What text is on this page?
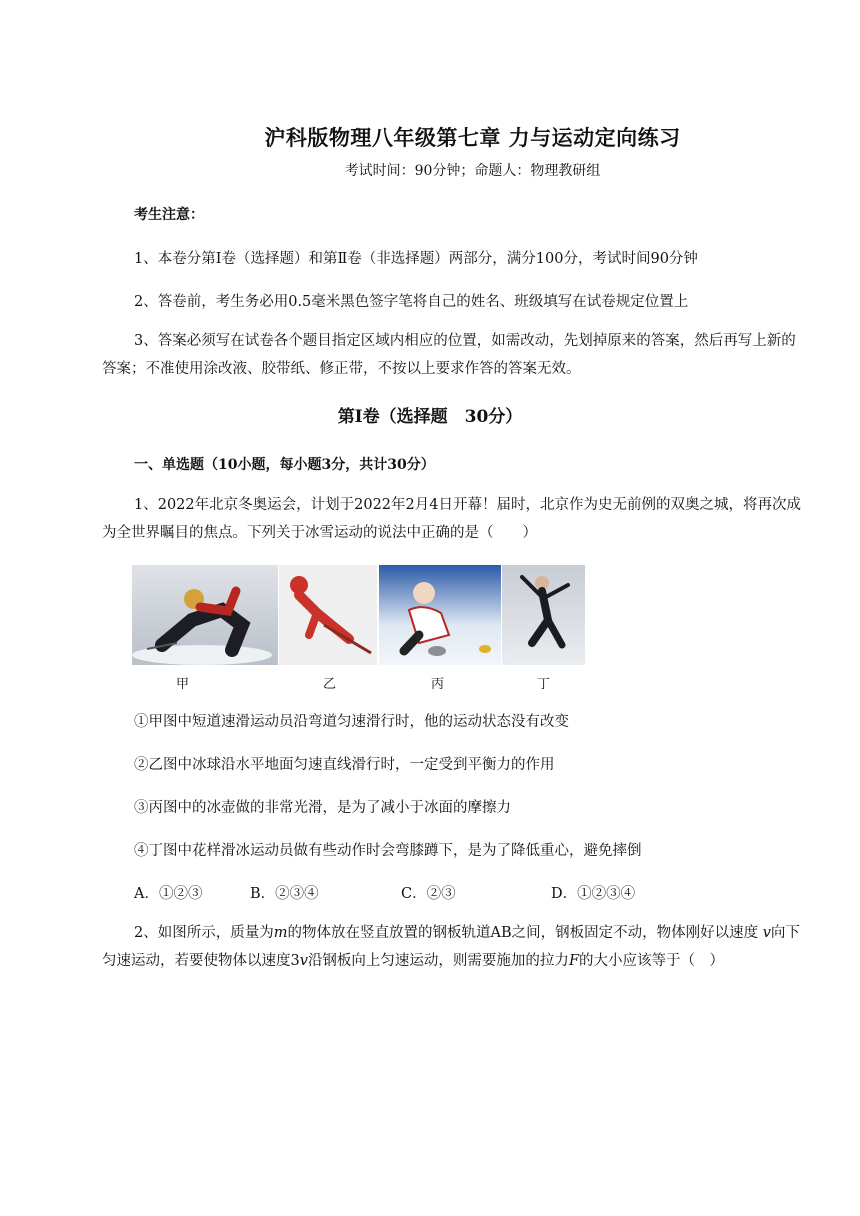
沪科版物理八年级第七章 力与运动定向练习
考试时间：90分钟；命题人：物理教研组
考生注意：
1、本卷分第Ⅰ卷（选择题）和第Ⅱ卷（非选择题）两部分，满分100分，考试时间90分钟
2、答卷前，考生务必用0.5毫米黑色签字笔将自己的姓名、班级填写在试卷规定位置上
3、答案必须写在试卷各个题目指定区域内相应的位置，如需改动，先划掉原来的答案，然后再写上新的答案；不准使用涂改液、胶带纸、修正带，不按以上要求作答的答案无效。
第Ⅰ卷（选择题　30分）
一、单选题（10小题，每小题3分，共计30分）
1、2022年北京冬奥运会，计划于2022年2月4日开幕！届时，北京作为史无前例的双奥之城，将再次成为全世界瞩目的焦点。下列关于冰雪运动的说法中正确的是（　　）
甲	乙	丙	丁
①甲图中短道速滑运动员沿弯道匀速滑行时，他的运动状态没有改变
②乙图中冰球沿水平地面匀速直线滑行时，一定受到平衡力的作用
③丙图中的冰壶做的非常光滑，是为了减小于冰面的摩擦力
④丁图中花样滑冰运动员做有些动作时会弯膝蹲下，是为了降低重心，避免摔倒
A．①②③	B．②③④	C．②③	D．①②③④
2、如图所示，质量为m的物体放在竖直放置的钢板轨道AB之间，钢板固定不动，物体刚好以速度 v向下匀速运动，若要使物体以速度3v沿钢板向上匀速运动，则需要施加的拉力F的大小应该等于（　）
